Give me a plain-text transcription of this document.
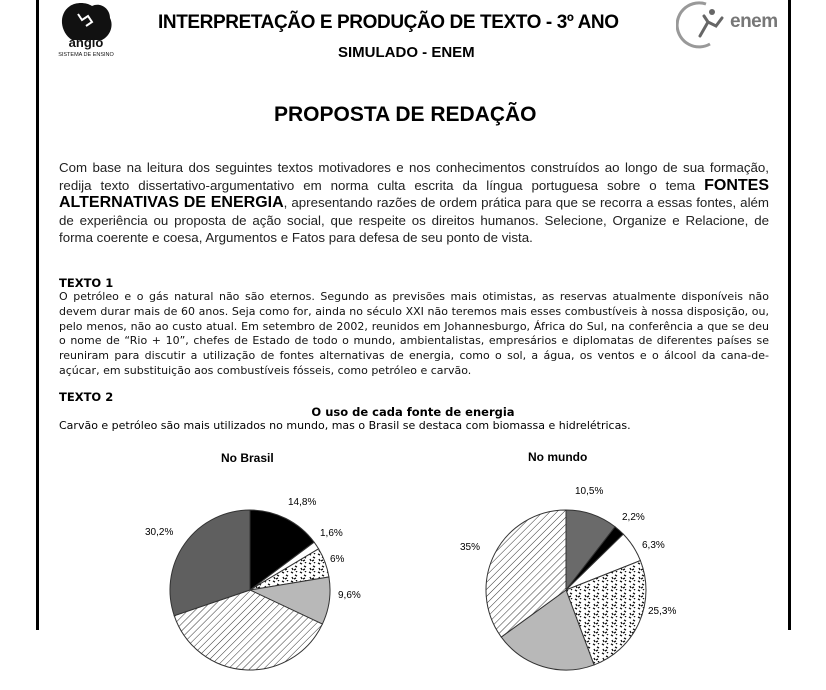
anglo
SISTEMA DE ENSINO
enem
INTERPRETAÇÃO E PRODUÇÃO DE TEXTO - 3º ANO
SIMULADO - ENEM
PROPOSTA DE REDAÇÃO

Com base na leitura dos seguintes textos motivadores e nos conhecimentos construídos ao longo de sua formação, redija texto dissertativo-argumentativo em norma culta escrita da língua portuguesa sobre o tema FONTES ALTERNATIVAS DE ENERGIA, apresentando razões de ordem prática para que se recorra a essas fontes, além de experiência ou proposta de ação social, que respeite os direitos humanos. Selecione, Organize e Relacione, de forma coerente e coesa, Argumentos e Fatos para defesa de seu ponto de vista.

TEXTO 1

O petróleo e o gás natural não são eternos. Segundo as previsões mais otimistas, as reservas atualmente disponíveis não devem durar mais de 60 anos. Seja como for, ainda no século XXI não teremos mais esses combustíveis à nossa disposição, ou, pelo menos, não ao custo atual. Em setembro de 2002, reunidos em Johannesburgo, África do Sul, na conferência a que se deu o nome de “Rio + 10”, chefes de Estado de todo o mundo, ambientalistas, empresários e diplomatas de diferentes países se reuniram para discutir a utilização de fontes alternativas de energia, como o sol, a água, os ventos e o álcool da cana-de-açúcar, em substituição aos combustíveis fósseis, como petróleo e carvão.

TEXTO 2
O uso de cada fonte de energia
Carvão e petróleo são mais utilizados no mundo, mas o Brasil se destaca com biomassa e hidrelétricas.
No Brasil	No mundo
14,8%
1,6%
6%
9,6%
30,2%
10,5%
2,2%
6,3%
25,3%
35%
